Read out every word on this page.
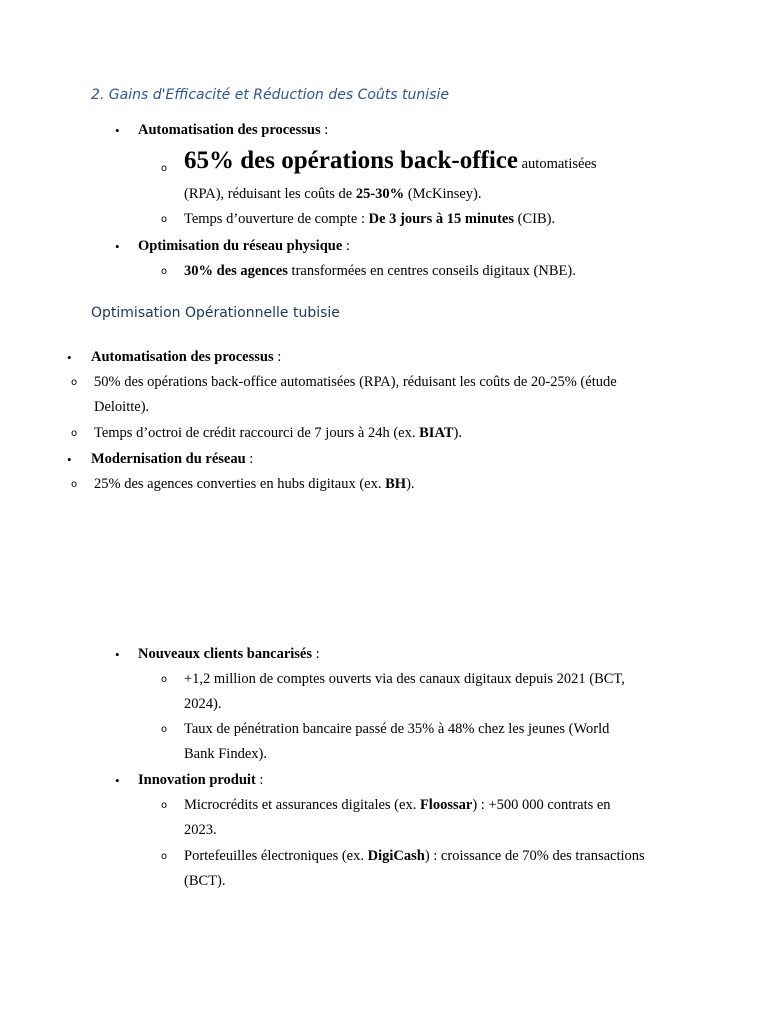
2. Gains d'Efficacité et Réduction des Coûts tunisie
• Automatisation des processus :
o 65% des opérations back-office automatisées
(RPA), réduisant les coûts de 25-30% (McKinsey).
o Temps d’ouverture de compte : De 3 jours à 15 minutes (CIB).
• Optimisation du réseau physique :
o 30% des agences transformées en centres conseils digitaux (NBE).
Optimisation Opérationnelle tubisie
• Automatisation des processus :
o 50% des opérations back-office automatisées (RPA), réduisant les coûts de 20-25% (étude
Deloitte).
o Temps d’octroi de crédit raccourci de 7 jours à 24h (ex. BIAT).
• Modernisation du réseau :
o 25% des agences converties en hubs digitaux (ex. BH).
• Nouveaux clients bancarisés :
o +1,2 million de comptes ouverts via des canaux digitaux depuis 2021 (BCT,
2024).
o Taux de pénétration bancaire passé de 35% à 48% chez les jeunes (World
Bank Findex).
• Innovation produit :
o Microcrédits et assurances digitales (ex. Floossar) : +500 000 contrats en
2023.
o Portefeuilles électroniques (ex. DigiCash) : croissance de 70% des transactions
(BCT).
